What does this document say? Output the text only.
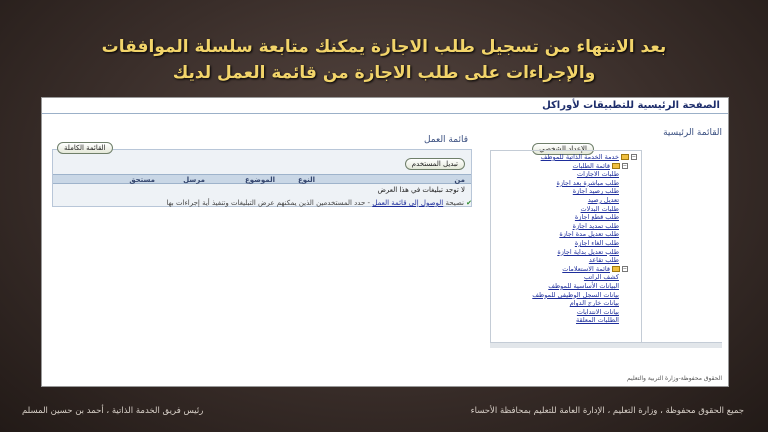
بعد الانتهاء من تسجيل طلب الاجازة يمكنك متابعة سلسلة الموافقات
والإجراءات على طلب الاجازة من قائمة العمل لديك
الصفحة الرئيسية للتطبيقات لأوراكل
قائمة العمل
القائمة الكاملة
تبديل المستخدم
من
النوع
الموضوع
مرسل
مستحق
لا توجد تبليغات في هذا العرض
✔ نصيحة الوصول إلى قائمة العمل - حدد المستخدمين الذين يمكنهم عرض التبليغات وتنفيذ أية إجراءات بها
القائمة الرئيسية
الإعداد الشخصي
−
خدمة الخدمة الذاتية للموظف
−
قائمة الطلبات
طلبات الاجازات
طلب مباشرة بعد اجازة
طلب رصيد اجازة
تعديل رصيد
طلبات البدلات
طلب قطع اجازة
طلب تمديد اجازة
طلب تعديل مدة اجازة
طلب الغاء اجازة
طلب تعديل بداية اجازة
طلب تقاعد
−
قائمة الاستعلامات
كشف الراتب
البيانات الأساسية للموظف
بيانات السجل الوظيفي للموظف
بيانات خارج الدوام
بيانات الانتدابات
الطلبات المعلقة
الحقوق محفوظة-وزارة التربية والتعليم
جميع الحقوق محفوظة ، وزارة التعليم ، الإدارة العامة للتعليم بمحافظة الأحساء
رئيس فريق الخدمة الذاتية ، أحمد بن حسين المسلم
